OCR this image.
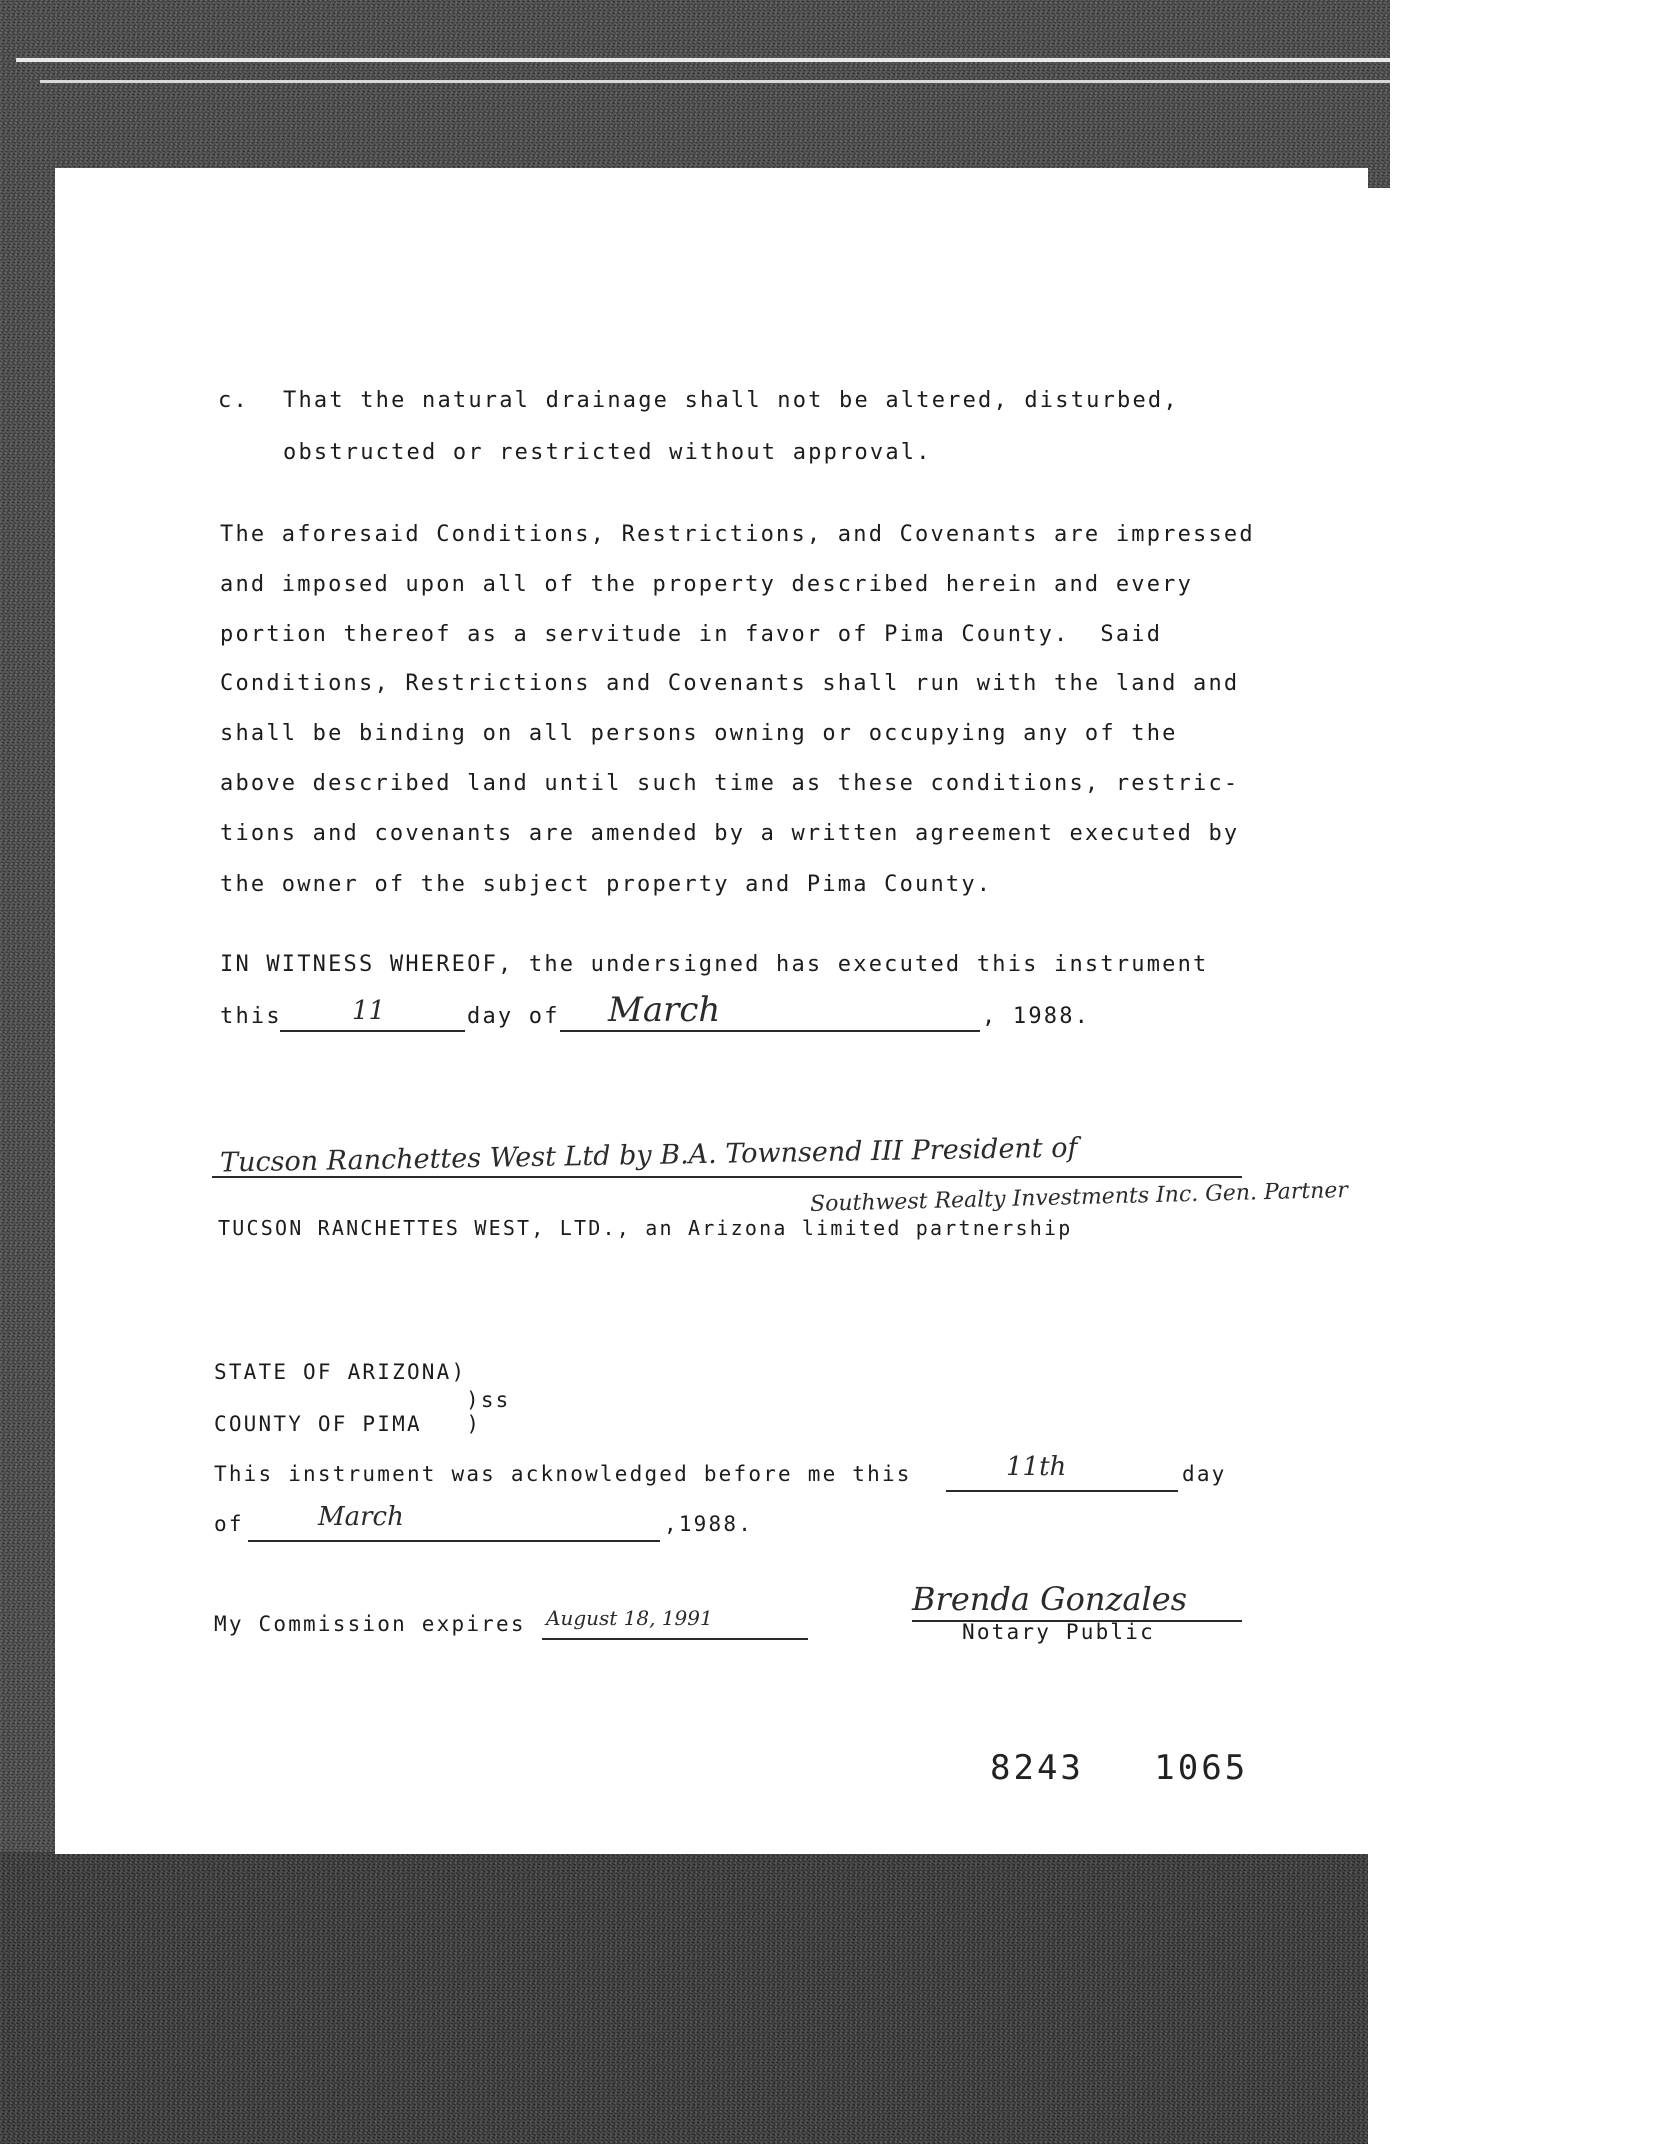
c. That the natural drainage shall not be altered, disturbed,
obstructed or restricted without approval.
The aforesaid Conditions, Restrictions, and Covenants are impressed
and imposed upon all of the property described herein and every
portion thereof as a servitude in favor of Pima County.  Said
Conditions, Restrictions and Covenants shall run with the land and
shall be binding on all persons owning or occupying any of the
above described land until such time as these conditions, restric-
tions and covenants are amended by a written agreement executed by
the owner of the subject property and Pima County.
IN WITNESS WHEREOF, the undersigned has executed this instrument
this	11	day of March	, 1988.
Tucson Ranchettes West Ltd by B.A. Townsend III President of
Southwest Realty Investments Inc. Gen. Partner
TUCSON RANCHETTES WEST, LTD., an Arizona limited partnership
STATE OF ARIZONA)
)ss
COUNTY OF PIMA   )
This instrument was acknowledged before me this	11th	day
of	March	,1988.
My Commission expires August 18, 1991	Brenda Gonzales
Notary Public
8243   1065
